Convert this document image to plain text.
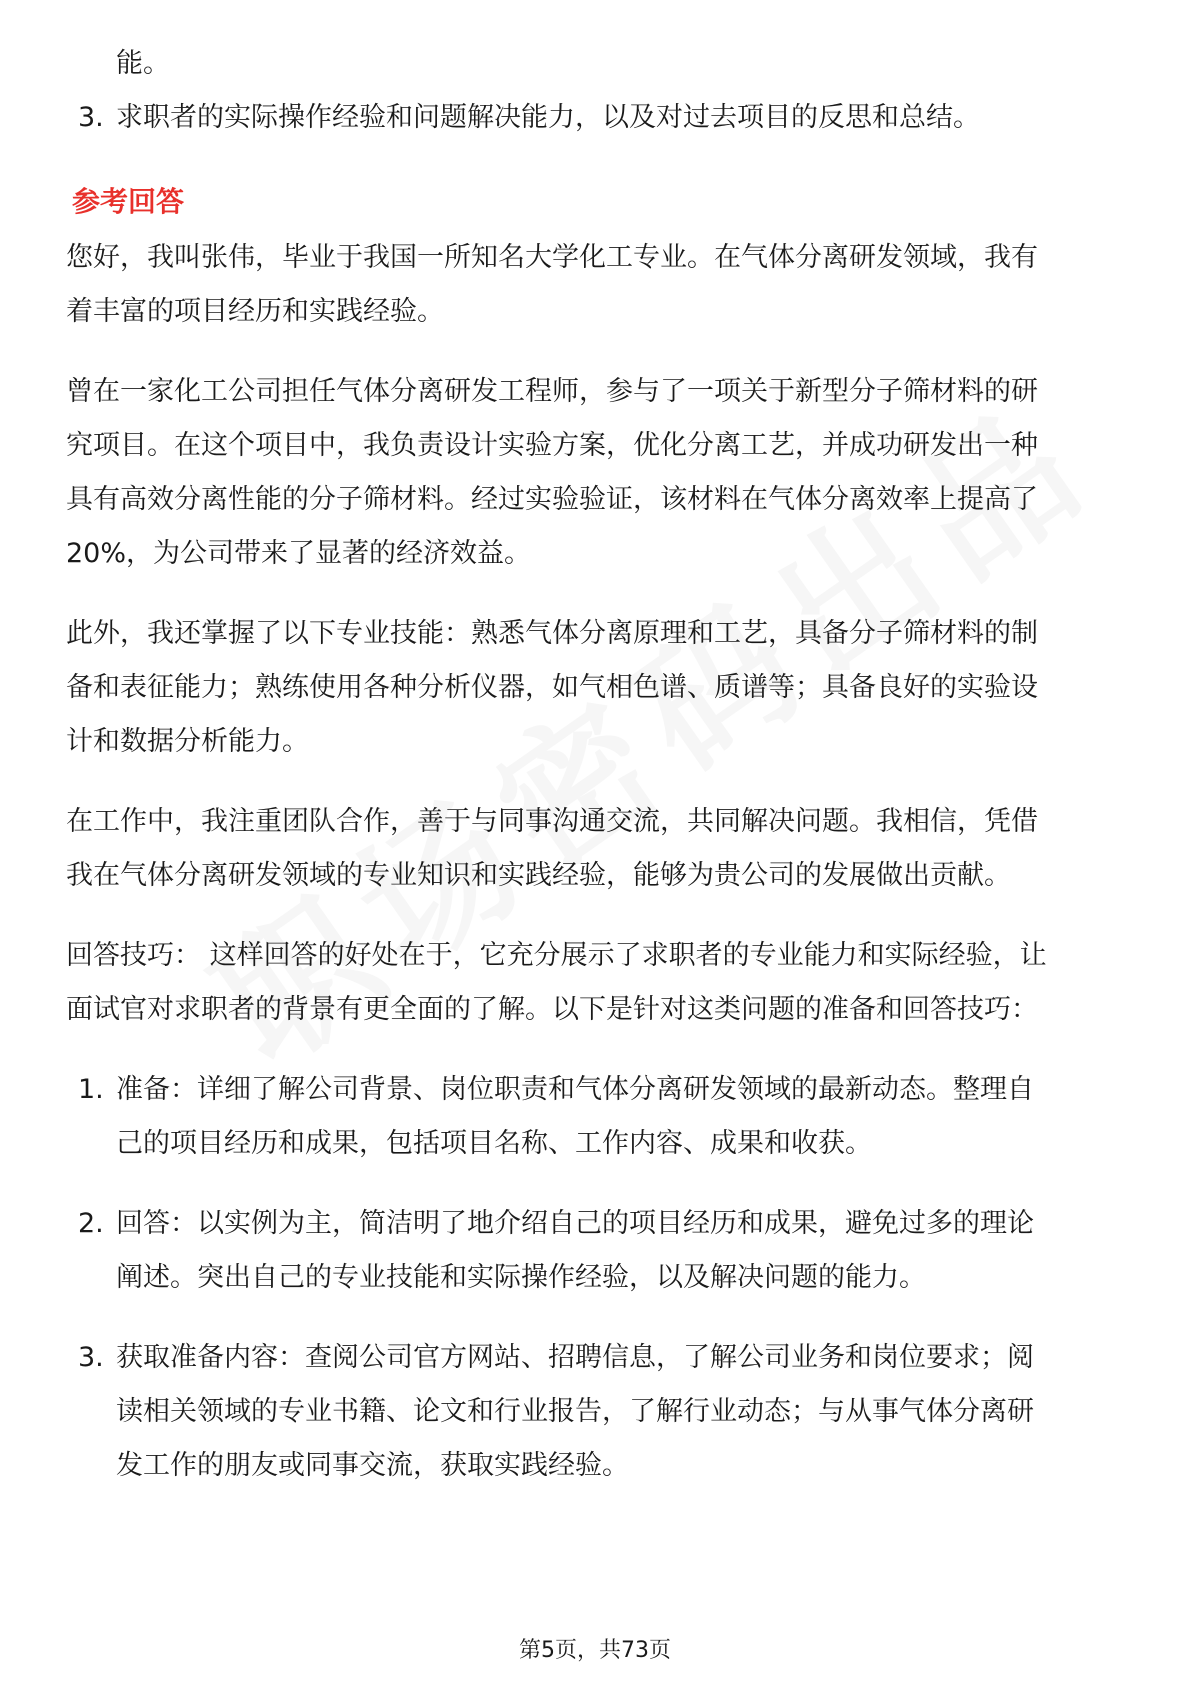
能。
3. 求职者的实际操作经验和问题解决能力，以及对过去项目的反思和总结。
参考回答
您好，我叫张伟，毕业于我国一所知名大学化工专业。在气体分离研发领域，我有
着丰富的项目经历和实践经验。
曾在一家化工公司担任气体分离研发工程师，参与了一项关于新型分子筛材料的研
究项目。在这个项目中，我负责设计实验方案，优化分离工艺，并成功研发出一种
具有高效分离性能的分子筛材料。经过实验验证，该材料在气体分离效率上提高了
20%，为公司带来了显著的经济效益。
此外，我还掌握了以下专业技能：熟悉气体分离原理和工艺，具备分子筛材料的制
备和表征能力；熟练使用各种分析仪器，如气相色谱、质谱等；具备良好的实验设
计和数据分析能力。
在工作中，我注重团队合作，善于与同事沟通交流，共同解决问题。我相信，凭借
我在气体分离研发领域的专业知识和实践经验，能够为贵公司的发展做出贡献。
回答技巧： 这样回答的好处在于，它充分展示了求职者的专业能力和实际经验，让
面试官对求职者的背景有更全面的了解。以下是针对这类问题的准备和回答技巧：
1. 准备：详细了解公司背景、岗位职责和气体分离研发领域的最新动态。整理自
己的项目经历和成果，包括项目名称、工作内容、成果和收获。
2. 回答：以实例为主，简洁明了地介绍自己的项目经历和成果，避免过多的理论
阐述。突出自己的专业技能和实际操作经验，以及解决问题的能力。
3. 获取准备内容：查阅公司官方网站、招聘信息，了解公司业务和岗位要求；阅
读相关领域的专业书籍、论文和行业报告，了解行业动态；与从事气体分离研
发工作的朋友或同事交流，获取实践经验。
第5页，共73页
